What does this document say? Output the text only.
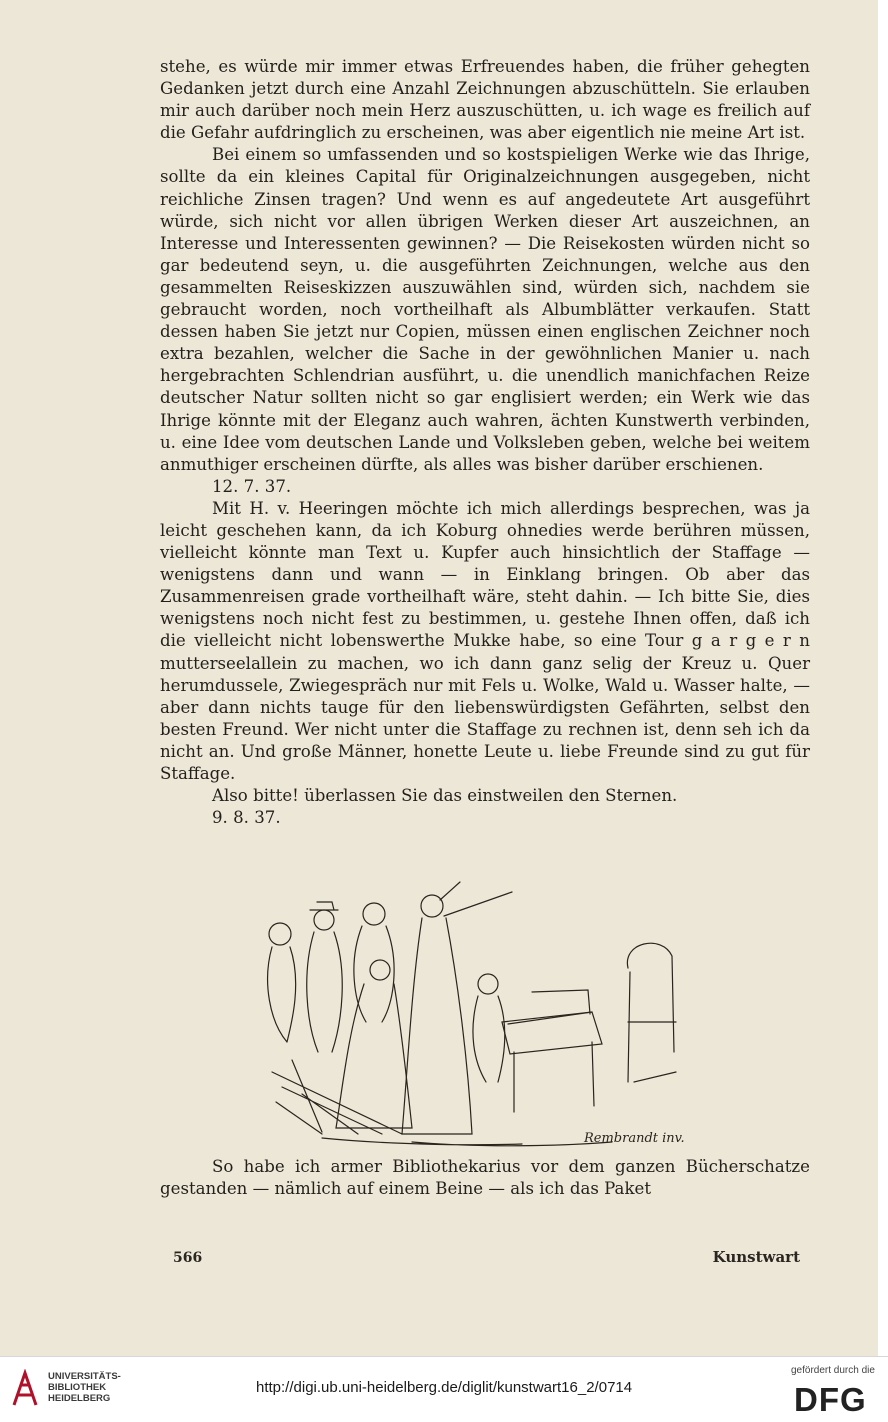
stehe, es würde mir immer etwas Erfreuendes haben, die früher gehegten Gedanken jetzt durch eine Anzahl Zeichnungen abzuschütteln. Sie erlauben mir auch darüber noch mein Herz auszuschütten, u. ich wage es freilich auf die Gefahr aufdringlich zu erscheinen, was aber eigentlich nie meine Art ist.

Bei einem so umfassenden und so kostspieligen Werke wie das Ihrige, sollte da ein kleines Capital für Originalzeichnungen ausgegeben, nicht reichliche Zinsen tragen? Und wenn es auf angedeutete Art ausgeführt würde, sich nicht vor allen übrigen Werken dieser Art auszeichnen, an Interesse und Interessenten gewinnen? — Die Reisekosten würden nicht so gar bedeutend seyn, u. die ausgeführten Zeichnungen, welche aus den gesammelten Reiseskizzen auszuwählen sind, würden sich, nachdem sie gebraucht worden, noch vortheilhaft als Albumblätter verkaufen. Statt dessen haben Sie jetzt nur Copien, müssen einen englischen Zeichner noch extra bezahlen, welcher die Sache in der gewöhnlichen Manier u. nach hergebrachten Schlendrian ausführt, u. die unendlich manichfachen Reize deutscher Natur sollten nicht so gar englisiert werden; ein Werk wie das Ihrige könnte mit der Eleganz auch wahren, ächten Kunstwerth verbinden, u. eine Idee vom deutschen Lande und Volksleben geben, welche bei weitem anmuthiger erscheinen dürfte, als alles was bisher darüber erschienen.

12. 7. 37.

Mit H. v. Heeringen möchte ich mich allerdings besprechen, was ja leicht geschehen kann, da ich Koburg ohnedies werde berühren müssen, vielleicht könnte man Text u. Kupfer auch hinsichtlich der Staffage — wenigstens dann und wann — in Einklang bringen. Ob aber das Zusammenreisen grade vortheilhaft wäre, steht dahin. — Ich bitte Sie, dies wenigstens noch nicht fest zu bestimmen, u. gestehe Ihnen offen, daß ich die vielleicht nicht lobenswerthe Mukke habe, so eine Tour g a r g e r n mutterseelallein zu machen, wo ich dann ganz selig der Kreuz u. Quer herumdussele, Zwiegespräch nur mit Fels u. Wolke, Wald u. Wasser halte, — aber dann nichts tauge für den liebenswürdigsten Gefährten, selbst den besten Freund. Wer nicht unter die Staffage zu rechnen ist, denn seh ich da nicht an. Und große Männer, honette Leute u. liebe Freunde sind zu gut für Staffage.

Also bitte! überlassen Sie das einstweilen den Sternen.

9. 8. 37.
Rembrandt inv.

So habe ich armer Bibliothekarius vor dem ganzen Bücherschatze gestanden — nämlich auf einem Beine — als ich das Paket

566	Kunstwart
UNIVERSITÄTS-
BIBLIOTHEK
HEIDELBERG
http://digi.ub.uni-heidelberg.de/diglit/kunstwart16_2/0714
gefördert durch die
DFG
